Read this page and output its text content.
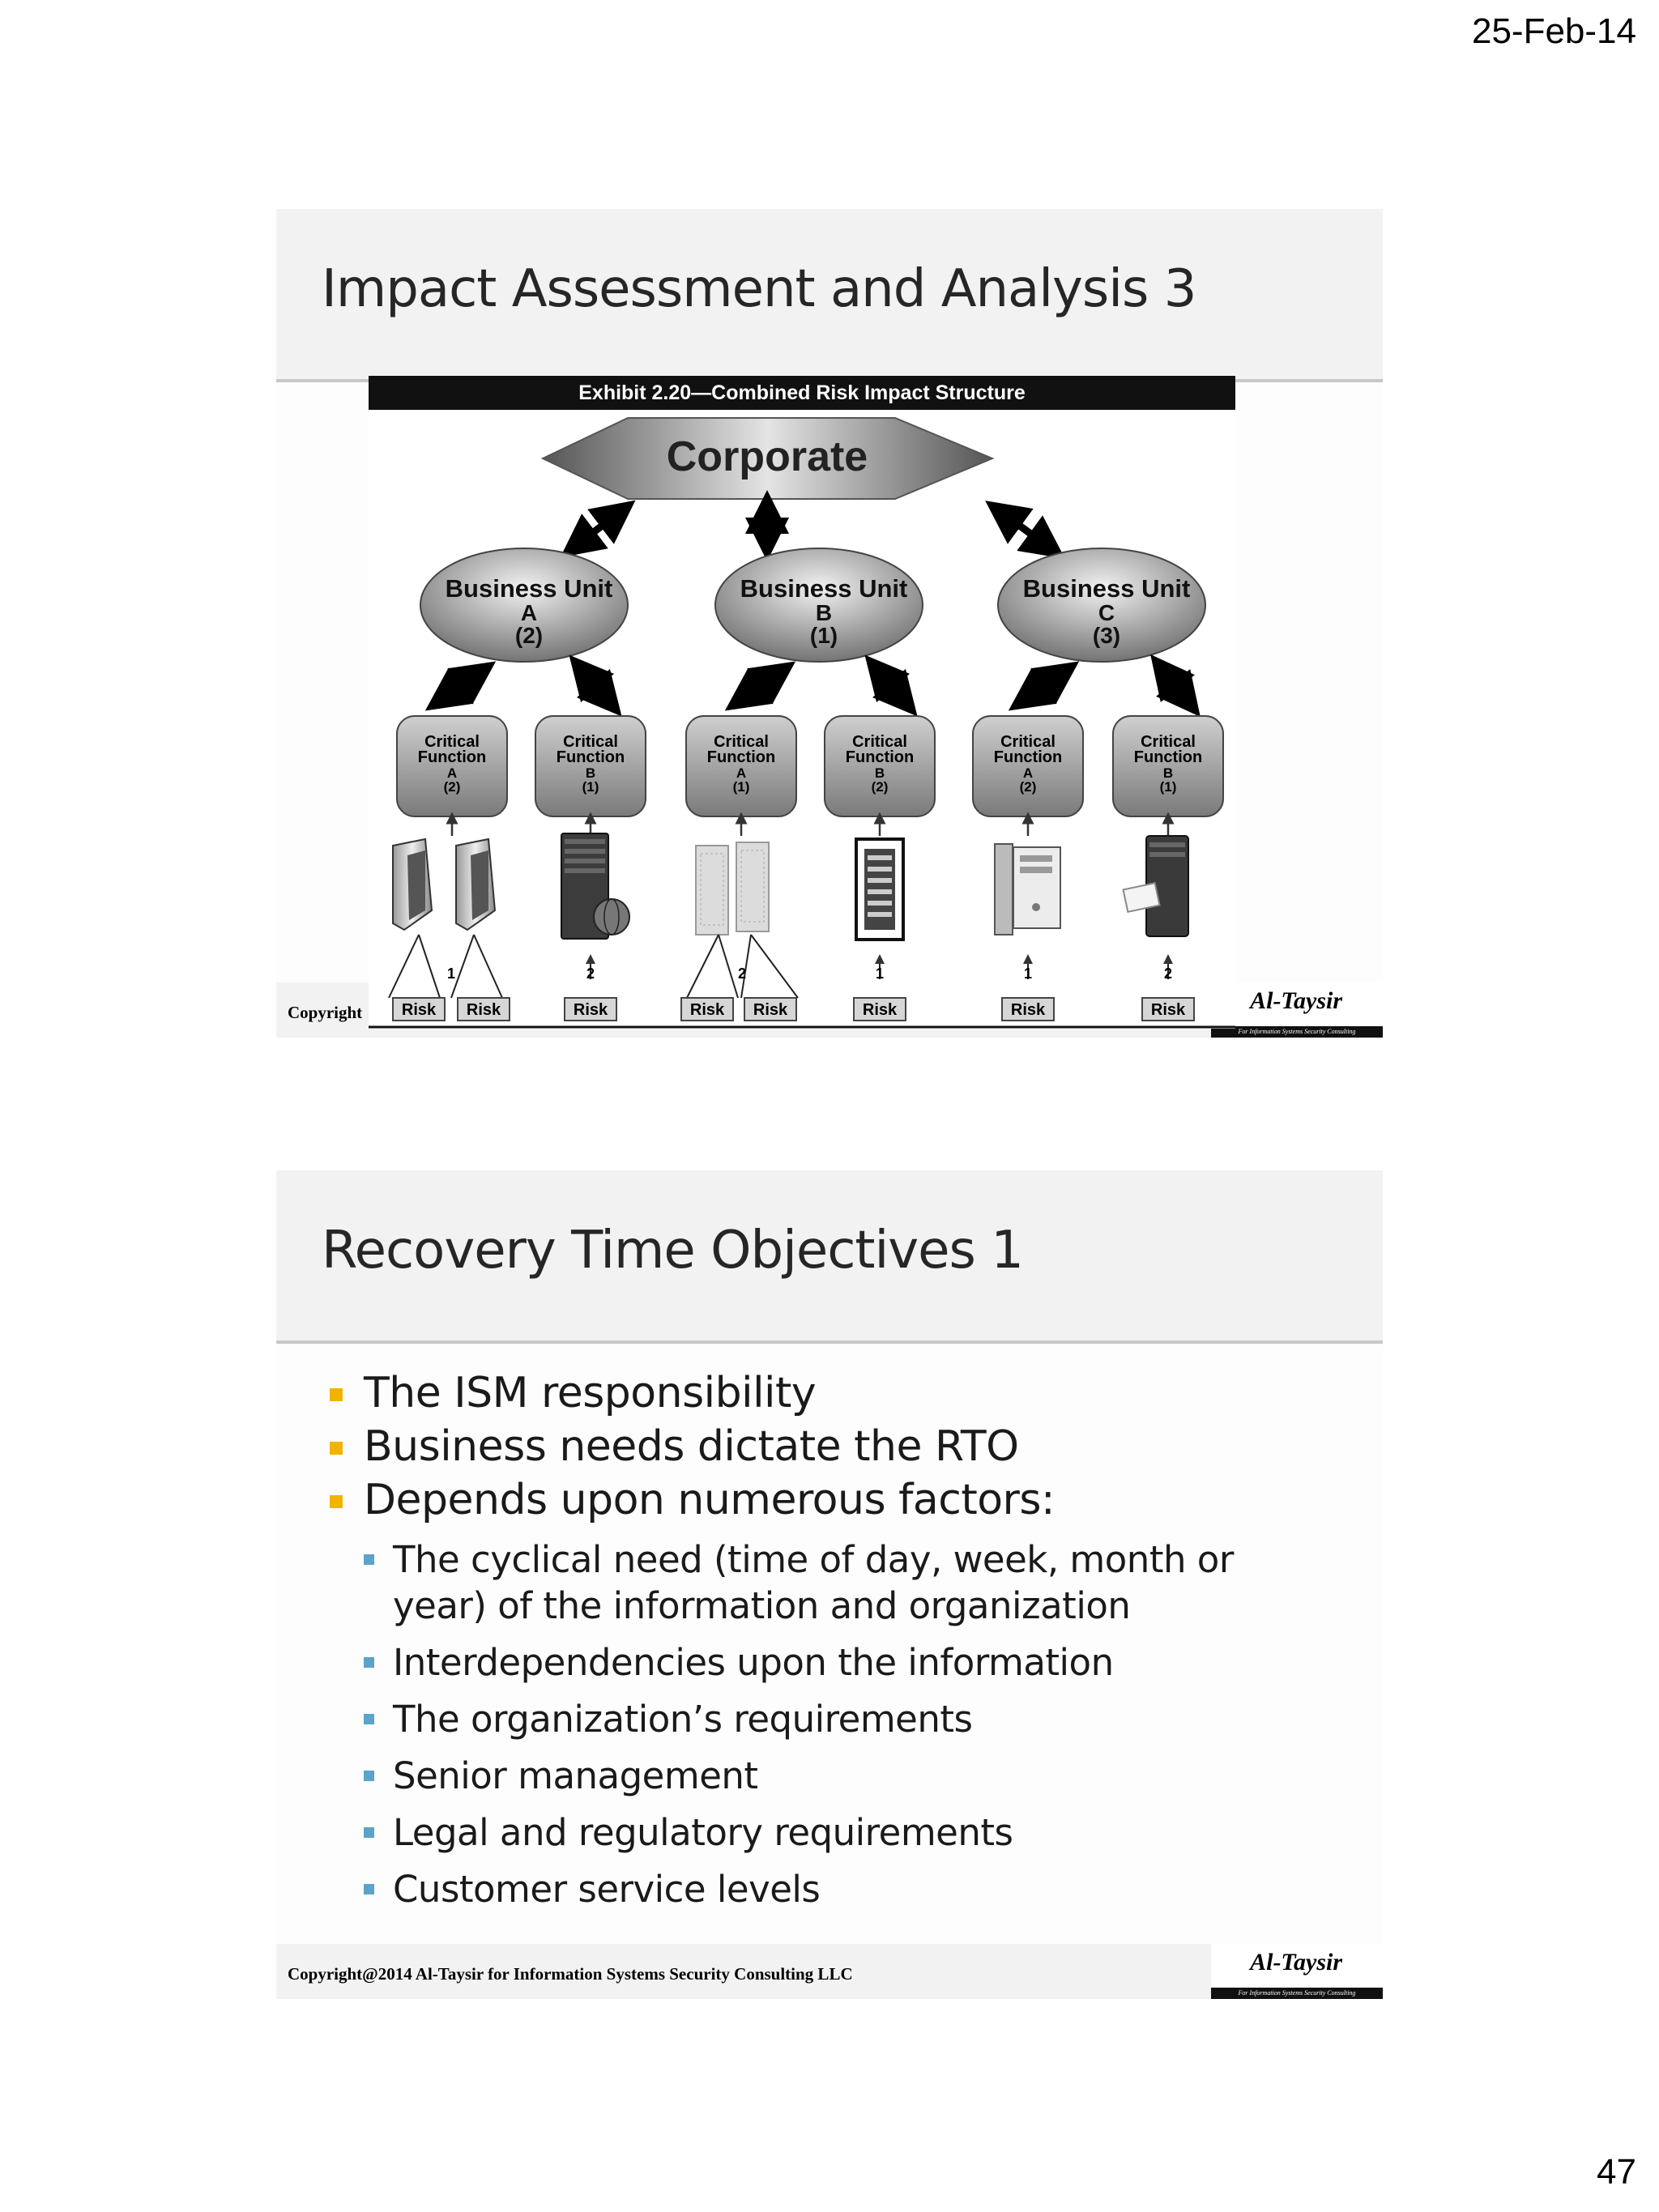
25-Feb-14
Impact Assessment and Analysis 3
Copyright	Al-Taysir
For Information Systems Security Consulting
Exhibit 2.20—Combined Risk Impact Structure
Corporate
Business Unit
A
(2)
Business Unit
B
(1)
Business Unit
C
(3)
Critical
Function
A
(2)
Critical
Function
B
(1)
Critical
Function
A
(1)
Critical
Function
B
(2)
Critical
Function
A
(2)
Critical
Function
B
(1)
1	2	2	1	1	2
Risk Risk	Risk	Risk Risk	Risk	Risk	Risk
Recovery Time Objectives 1
The ISM responsibility
Business needs dictate the RTO
Depends upon numerous factors:
The cyclical need (time of day, week, month or year) of the information and organization
Interdependencies upon the information
The organization’s requirements
Senior management
Legal and regulatory requirements
Customer service levels
Copyright@2014 Al-Taysir for Information Systems Security Consulting LLC	Al-Taysir
For Information Systems Security Consulting
47
